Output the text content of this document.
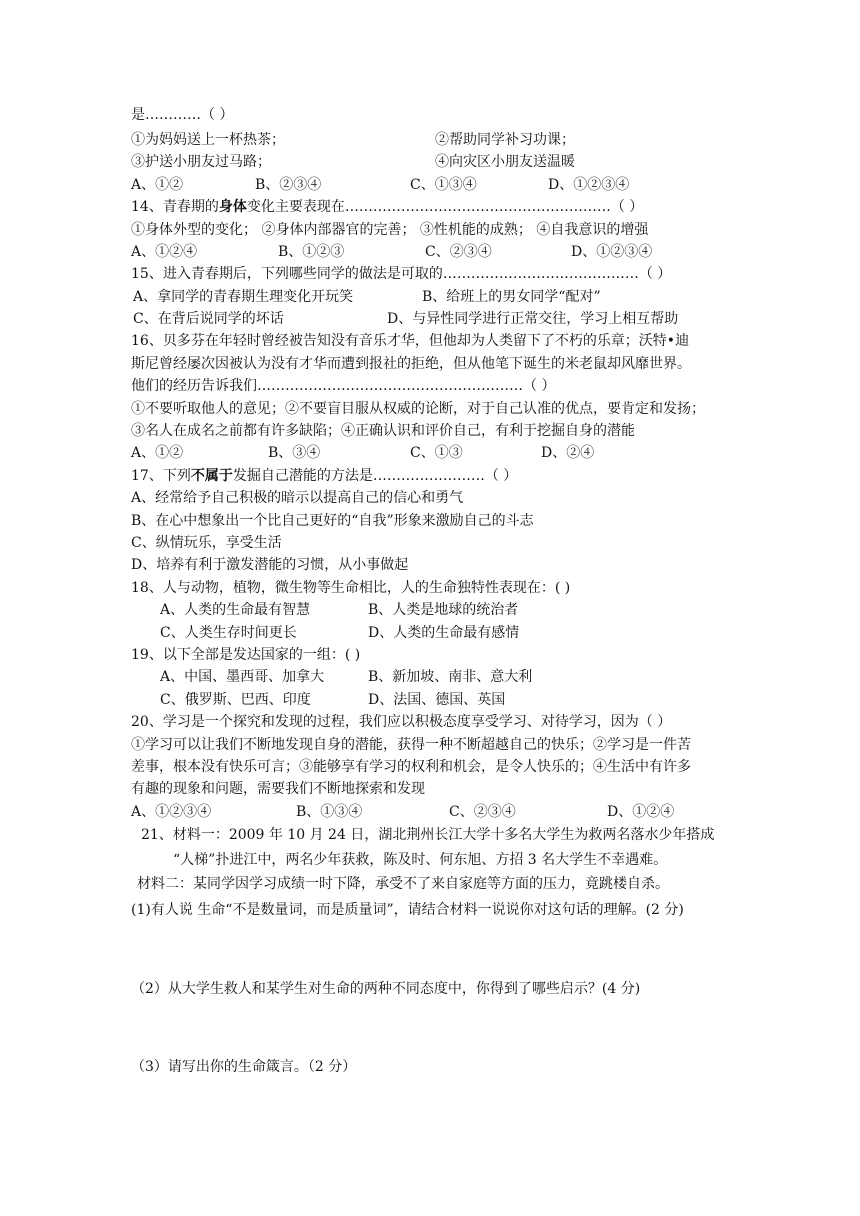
是…………（ ）
①为妈妈送上一杯热茶；	②帮助同学补习功课；
③护送小朋友过马路；	④向灾区小朋友送温暖
A、①②	B、②③④	C、①③④	D、①②③④
14、青春期的身体变化主要表现在…………………………………………………（ ）
①身体外型的变化； ②身体内部器官的完善； ③性机能的成熟； ④自我意识的增强
A、①②④	B、①②③	C、②③④	D、①②③④
15、进入青春期后，下列哪些同学的做法是可取的……………………………………（ ）
A、拿同学的青春期生理变化开玩笑	B、给班上的男女同学“配对”
C、在背后说同学的坏话	D、与异性同学进行正常交往，学习上相互帮助
16、贝多芬在年轻时曾经被告知没有音乐才华，但他却为人类留下了不朽的乐章；沃特•迪
斯尼曾经屡次因被认为没有才华而遭到报社的拒绝，但从他笔下诞生的米老鼠却风靡世界。
他们的经历告诉我们…………………………………………………（ ）
①不要听取他人的意见；②不要盲目服从权威的论断，对于自己认准的优点，要肯定和发扬；
③名人在成名之前都有许多缺陷；④正确认识和评价自己，有利于挖掘自身的潜能
A、①②	B、③④	C、①③	D、②④
17、下列不属于发掘自己潜能的方法是……………………（ ）
A、经常给予自己积极的暗示以提高自己的信心和勇气
B、在心中想象出一个比自己更好的“自我”形象来激励自己的斗志
C、纵情玩乐，享受生活
D、培养有利于激发潜能的习惯，从小事做起
18、人与动物，植物，微生物等生命相比，人的生命独特性表现在：( )
A、人类的生命最有智慧	B、人类是地球的统治者
C、人类生存时间更长	D、人类的生命最有感情
19、以下全部是发达国家的一组：( )
A、中国、墨西哥、加拿大	B、新加坡、南非、意大利
C、俄罗斯、巴西、印度	D、法国、德国、英国
20、学习是一个探究和发现的过程，我们应以积极态度享受学习、对待学习，因为（ ）
①学习可以让我们不断地发现自身的潜能，获得一种不断超越自己的快乐；②学习是一件苦
差事，根本没有快乐可言；③能够享有学习的权利和机会，是令人快乐的；④生活中有许多
有趣的现象和问题，需要我们不断地探索和发现
A、①②③④	B、①③④	C、②③④	D、①②④
21、材料一：2009 年 10 月 24 日，湖北荆州长江大学十多名大学生为救两名落水少年搭成
“人梯”扑进江中，两名少年获救，陈及时、何东旭、方招 3 名大学生不幸遇难。
材料二：某同学因学习成绩一时下降，承受不了来自家庭等方面的压力，竟跳楼自杀。
(1)有人说 生命“不是数量词，而是质量词”，请结合材料一说说你对这句话的理解。(2 分)
（2）从大学生救人和某学生对生命的两种不同态度中，你得到了哪些启示？(4 分)
（3）请写出你的生命箴言。（2 分）
